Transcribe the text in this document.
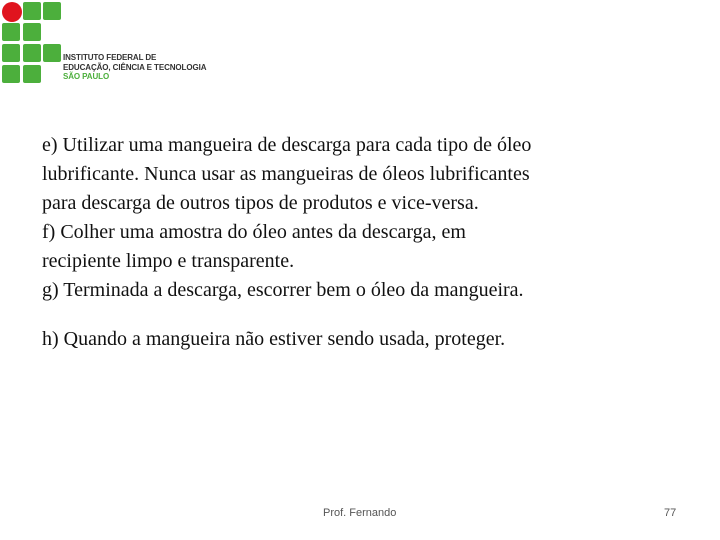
INSTITUTO FEDERAL DE
EDUCAÇÃO, CIÊNCIA E TECNOLOGIA
SÃO PAULO
e) Utilizar uma mangueira de descarga para cada tipo de óleo
lubrificante. Nunca usar as mangueiras de óleos lubrificantes
para descarga de outros tipos de produtos e vice-versa.
f) Colher uma amostra do óleo antes da descarga, em
recipiente limpo e transparente.
g) Terminada a descarga, escorrer bem o óleo da mangueira.
h) Quando a mangueira não estiver sendo usada, proteger.
Prof. Fernando	77
